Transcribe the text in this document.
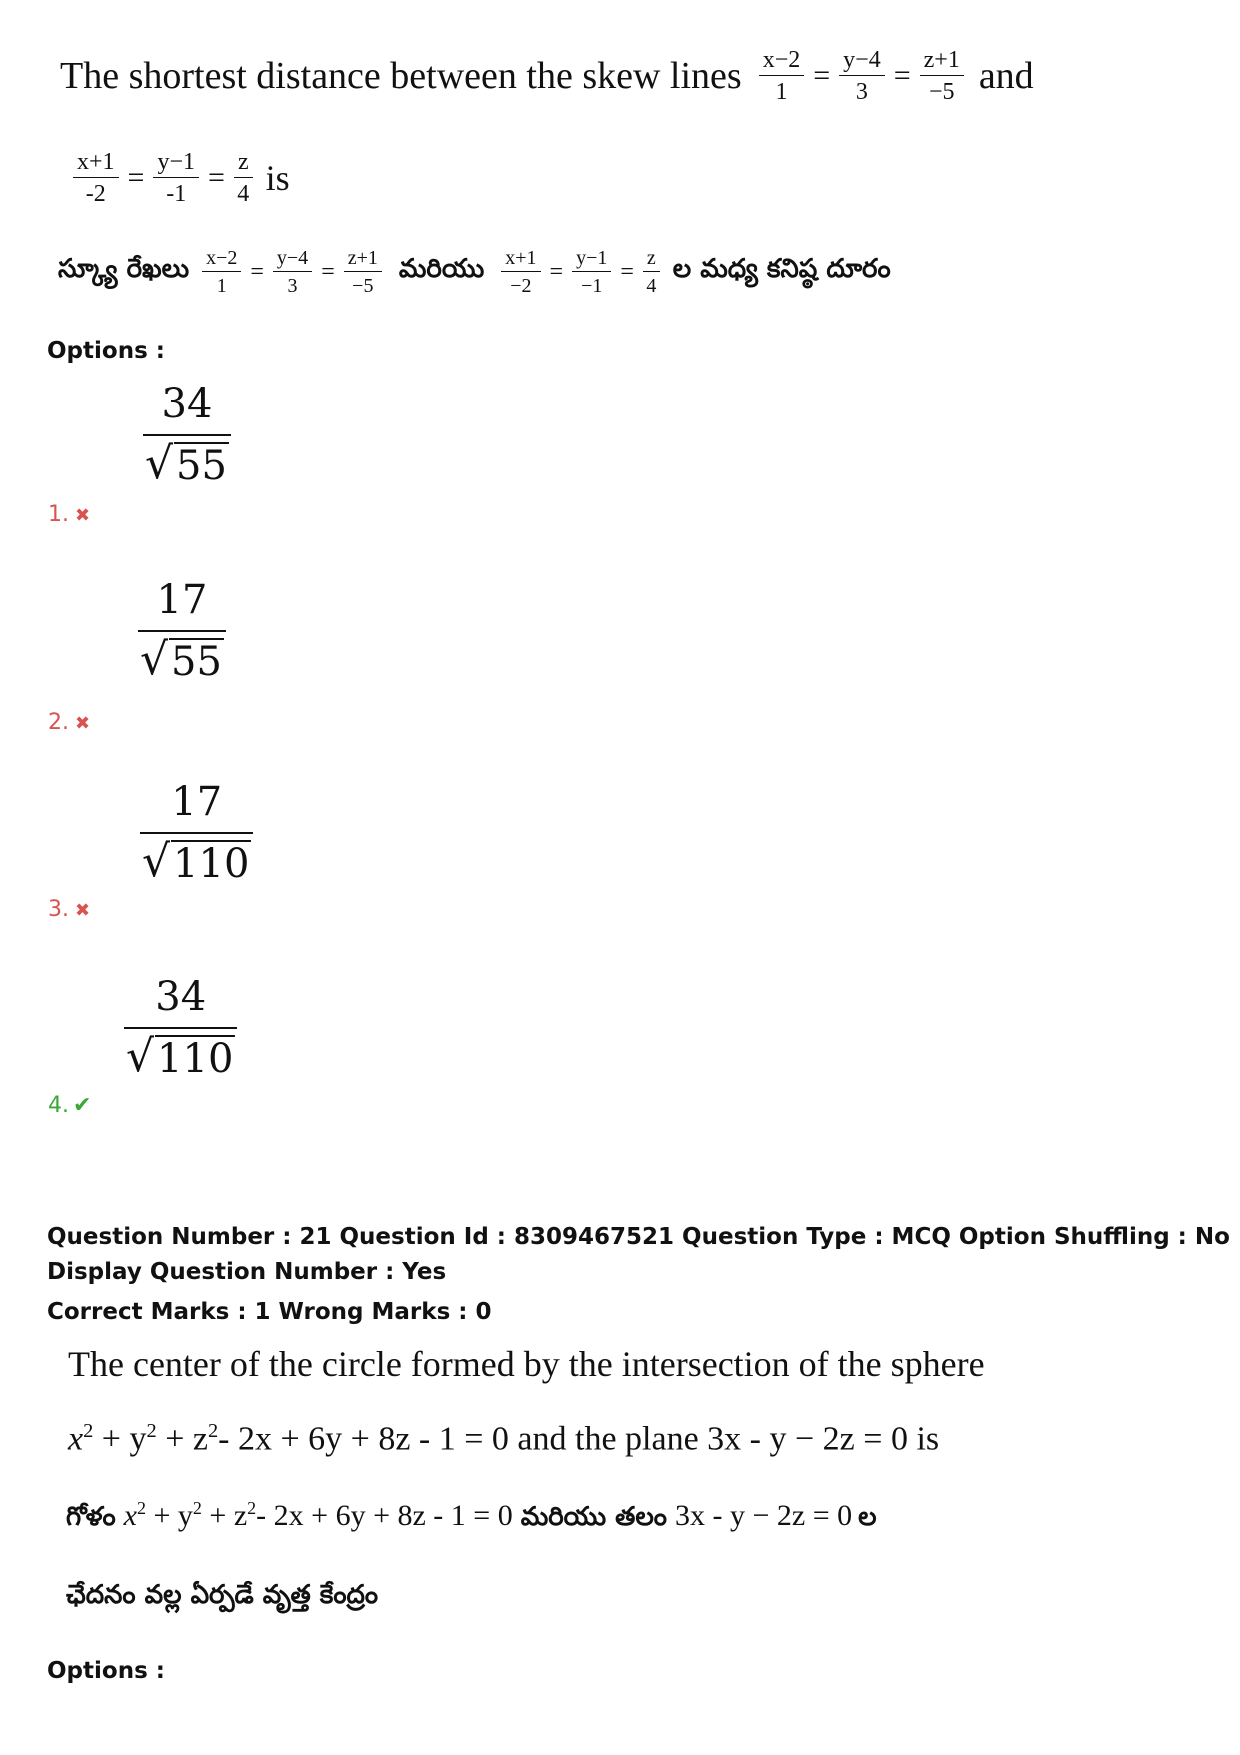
The shortest distance between the skew lines $\frac{x-2}{1} = \frac{y-4}{3} = \frac{z+1}{-5}$ and
$\frac{x+1}{-2} = \frac{y-1}{-1} = \frac{z}{4}$ is
స్క్యూ రేఖలు $\frac{x-2}{1} = \frac{y-4}{3} = \frac{z+1}{-5}$ మరియు $\frac{x+1}{-2} = \frac{y-1}{-1} = \frac{z}{4}$ ల మధ్య కనిష్ఠ దూరం
Options :
$\frac{34}{√ 55}$
1. ✖
$\frac{17}{√ 55}$
2. ✖
$\frac{17}{√ 110}$
3. ✖
$\frac{34}{√ 110}$
4. ✔
Question Number : 21 Question Id : 8309467521 Question Type : MCQ Option Shuffling : No
Display Question Number : Yes
Correct Marks : 1 Wrong Marks : 0
The center of the circle formed by the intersection of the sphere
$x^2 + y^2 + z^2-$ 2x + 6y + 8z - 1 = 0 and the plane 3x - y − 2z = 0 is
గోళం $x^2 + y^2 + z^2-$ 2x + 6y + 8z - 1 = 0 మరియు తలం 3x - y − 2z = 0 ల
ఛేదనం వల్ల ఏర్పడే వృత్త కేంద్రం
Options :
